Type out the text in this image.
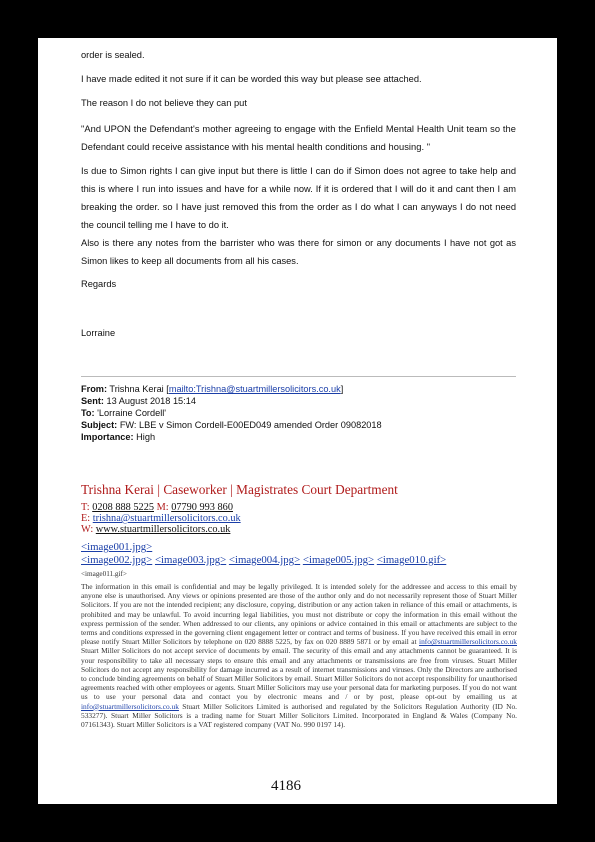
order is sealed.

I have made edited it not sure if it can be worded this way but please see attached.

The reason I do not believe they can put

"And UPON the Defendant's mother agreeing to engage with the Enfield Mental Health Unit team so the Defendant could receive assistance with his mental health conditions and housing. "

Is due to Simon rights I can give input but there is little I can do if Simon does not agree to take help and this is where I run into issues and have for a while now. If it is ordered that I will do it and cant then I am breaking the order. so I have just removed this from the order as I do what I can anyways I do not need the council telling me I have to do it.

Also is there any notes from the barrister who was there for simon or any documents I have not got as Simon likes to keep all documents from all his cases.

Regards

Lorraine

From: Trishna Kerai [mailto:Trishna@stuartmillersolicitors.co.uk]
Sent: 13 August 2018 15:14
To: 'Lorraine Cordell'
Subject: FW: LBE v Simon Cordell-E00ED049 amended Order 09082018
Importance: High
Trishna Kerai | Caseworker | Magistrates Court Department
T: 0208 888 5225 M: 07790 993 860
E: trishna@stuartmillersolicitors.co.uk
W: www.stuartmillersolicitors.co.uk
<image001.jpg>
<image002.jpg> <image003.jpg> <image004.jpg> <image005.jpg> <image010.gif>
<image011.gif>

The information in this email is confidential and may be legally privileged. It is intended solely for the addressee and access to this email by anyone else is unauthorised. Any views or opinions presented are those of the author only and do not necessarily represent those of Stuart Miller Solicitors. If you are not the intended recipient; any disclosure, copying, distribution or any action taken in reliance of this email or attachments, is prohibited and may be unlawful. To avoid incurring legal liabilities, you must not distribute or copy the information in this email without the express permission of the sender. When addressed to our clients, any opinions or advice contained in this email or attachments are subject to the terms and conditions expressed in the governing client engagement letter or contract and terms of business. If you have received this email in error please notify Stuart Miller Solicitors by telephone on 020 8888 5225, by fax on 020 8889 5871 or by email at info@stuartmillersolicitors.co.uk Stuart Miller Solicitors do not accept service of documents by email. The security of this email and any attachments cannot be guaranteed. It is your responsibility to take all necessary steps to ensure this email and any attachments or transmissions are free from viruses. Stuart Miller Solicitors do not accept any responsibility for damage incurred as a result of internet transmissions and viruses. Only the Directors are authorised to conclude binding agreements on behalf of Stuart Miller Solicitors by email. Stuart Miller Solicitors do not accept responsibility for unauthorised agreements reached with other employees or agents. Stuart Miller Solicitors may use your personal data for marketing purposes. If you do not want us to use your personal data and contact you by electronic means and / or by post, please opt-out by emailing us at info@stuartmillersolicitors.co.uk Stuart Miller Solicitors Limited is authorised and regulated by the Solicitors Regulation Authority (ID No. 533277). Stuart Miller Solicitors is a trading name for Stuart Miller Solicitors Limited. Incorporated in England & Wales (Company No. 07161343). Stuart Miller Solicitors is a VAT registered company (VAT No. 990 0197 14).

4186
